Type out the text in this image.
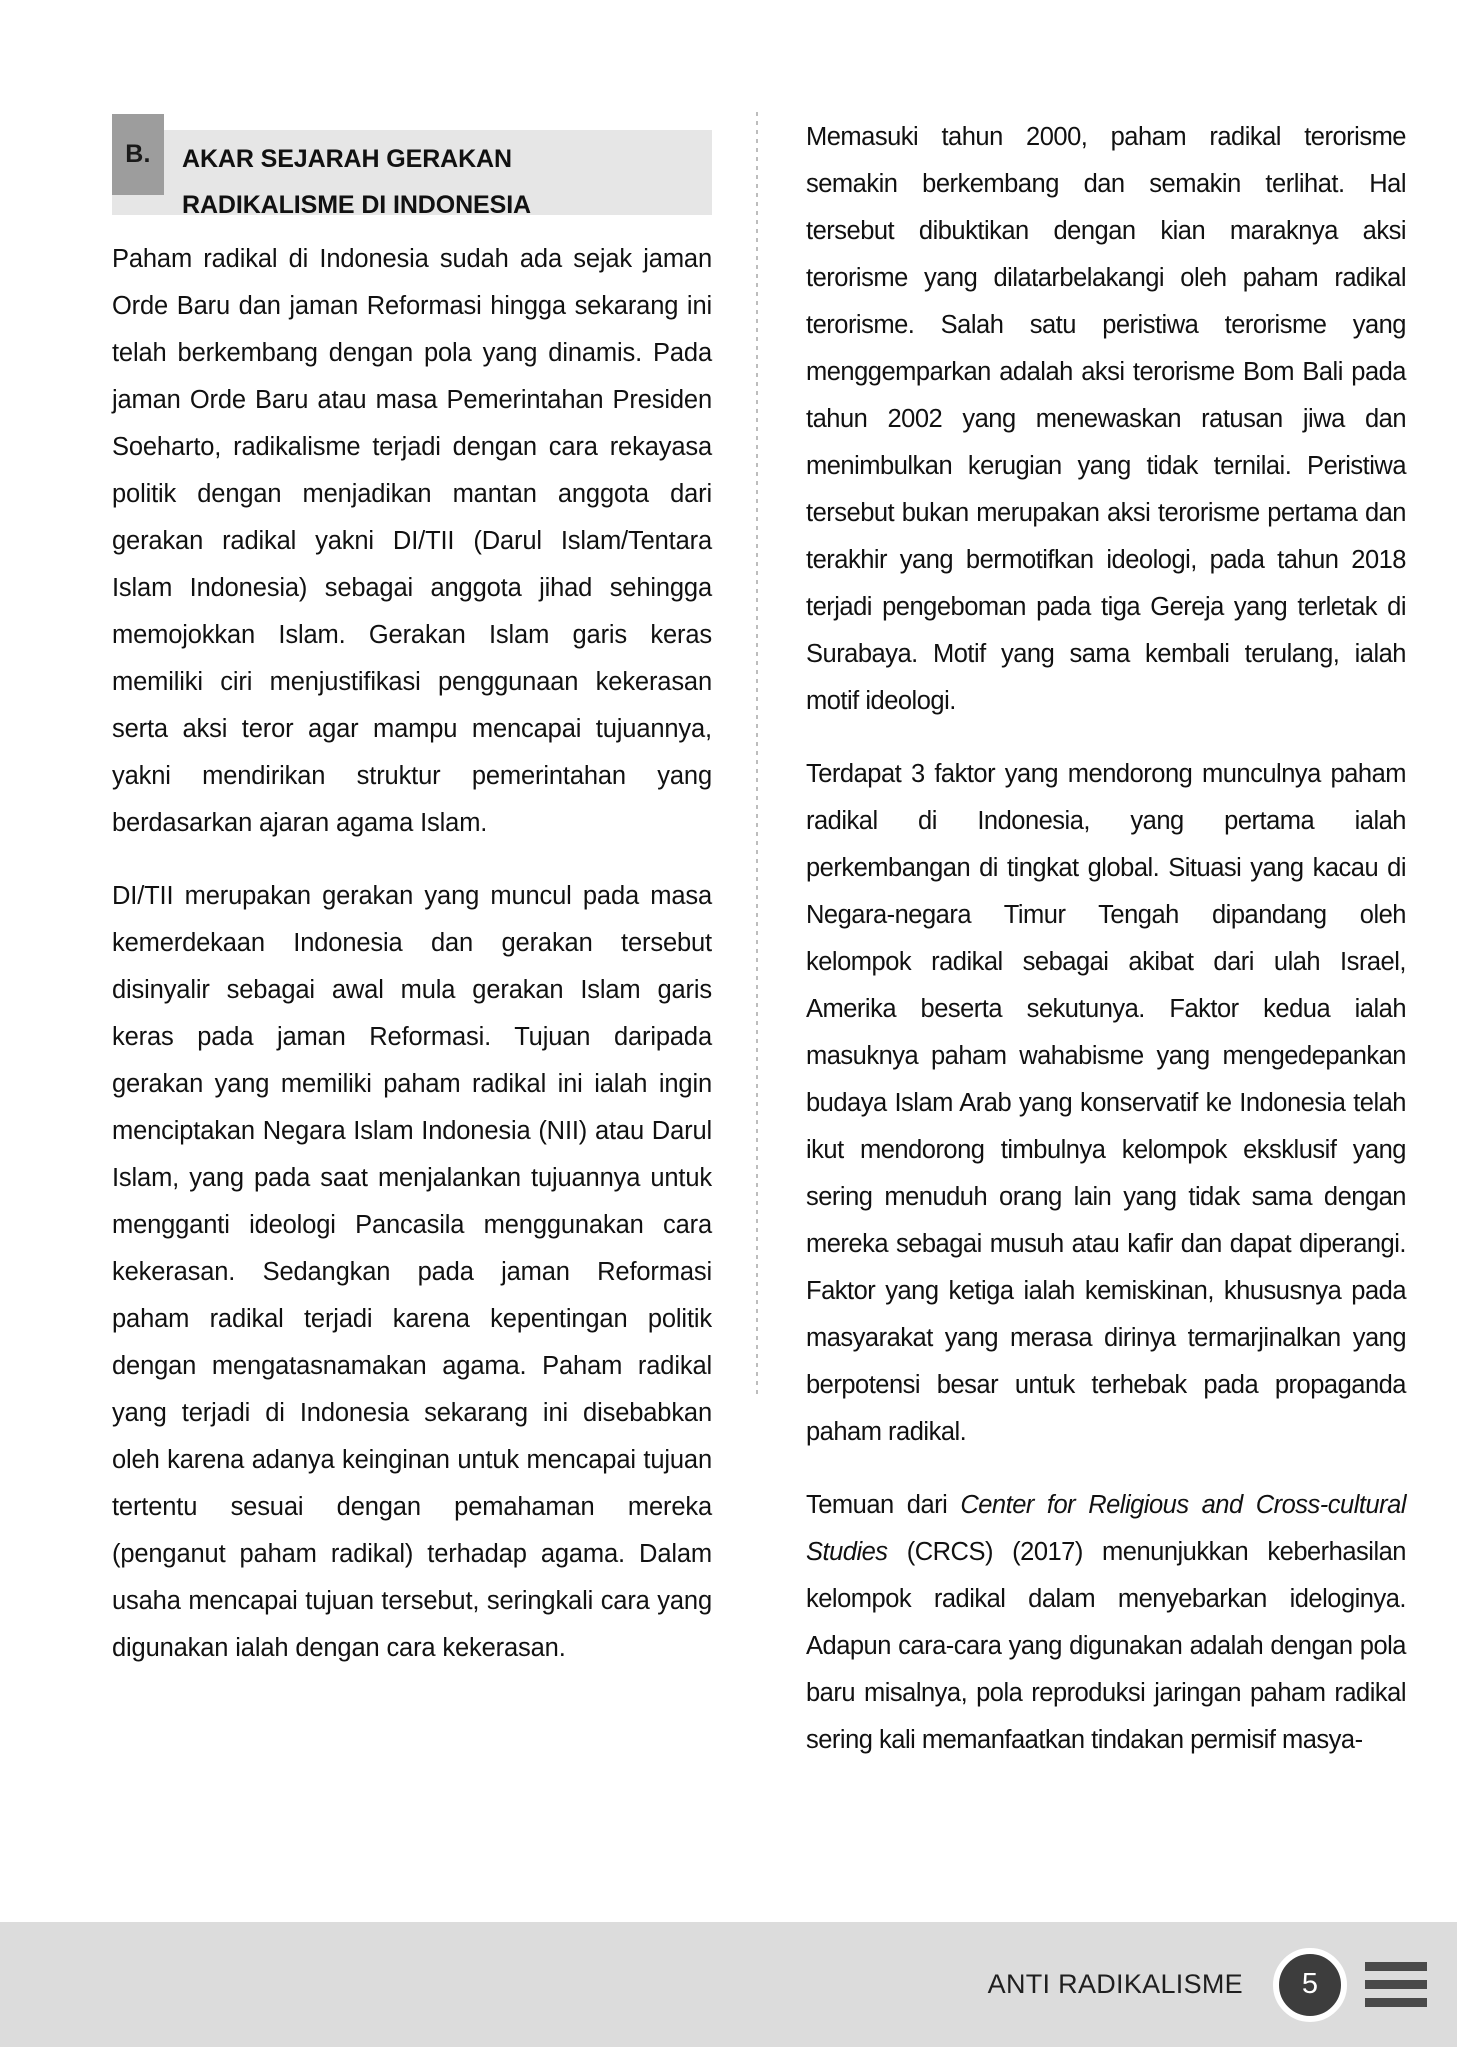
B. AKAR SEJARAH GERAKAN
RADIKALISME DI INDONESIA

Paham radikal di Indonesia sudah ada sejak jaman Orde Baru dan jaman Reformasi hingga sekarang ini telah berkembang dengan pola yang dinamis. Pada jaman Orde Baru atau masa Pemerintahan Presiden Soeharto, radikalisme terjadi dengan cara rekayasa politik dengan menjadikan mantan anggota dari gerakan radikal yakni DI/TII (Darul Islam/Tentara Islam Indonesia) sebagai anggota jihad sehingga memojokkan Islam. Gerakan Islam garis keras memiliki ciri menjustifikasi penggunaan kekerasan serta aksi teror agar mampu mencapai tujuannya, yakni mendirikan struktur pemerintahan yang berdasarkan ajaran agama Islam.

DI/TII merupakan gerakan yang muncul pada masa kemerdekaan Indonesia dan gerakan tersebut disinyalir sebagai awal mula gerakan Islam garis keras pada jaman Reformasi. Tujuan daripada gerakan yang memiliki paham radikal ini ialah ingin menciptakan Negara Islam Indonesia (NII) atau Darul Islam, yang pada saat menjalankan tujuannya untuk mengganti ideologi Pancasila menggunakan cara kekerasan. Sedangkan pada jaman Reformasi paham radikal terjadi karena kepentingan politik dengan mengatasnamakan agama. Paham radikal yang terjadi di Indonesia sekarang ini disebabkan oleh karena adanya keinginan untuk mencapai tujuan tertentu sesuai dengan pemahaman mereka (penganut paham radikal) terhadap agama. Dalam usaha mencapai tujuan tersebut, seringkali cara yang digunakan ialah dengan cara kekerasan.

Memasuki tahun 2000, paham radikal terorisme semakin berkembang dan semakin terlihat. Hal tersebut dibuktikan dengan kian maraknya aksi terorisme yang dilatarbelakangi oleh paham radikal terorisme. Salah satu peristiwa terorisme yang menggemparkan adalah aksi terorisme Bom Bali pada tahun 2002 yang menewaskan ratusan jiwa dan menimbulkan kerugian yang tidak ternilai. Peristiwa tersebut bukan merupakan aksi terorisme pertama dan terakhir yang bermotifkan ideologi, pada tahun 2018 terjadi pengeboman pada tiga Gereja yang terletak di Surabaya. Motif yang sama kembali terulang, ialah motif ideologi.

Terdapat 3 faktor yang mendorong munculnya paham radikal di Indonesia, yang pertama ialah perkembangan di tingkat global. Situasi yang kacau di Negara-negara Timur Tengah dipandang oleh kelompok radikal sebagai akibat dari ulah Israel, Amerika beserta sekutunya. Faktor kedua ialah masuknya paham wahabisme yang mengedepankan budaya Islam Arab yang konservatif ke Indonesia telah ikut mendorong timbulnya kelompok eksklusif yang sering menuduh orang lain yang tidak sama dengan mereka sebagai musuh atau kafir dan dapat diperangi. Faktor yang ketiga ialah kemiskinan, khususnya pada masyarakat yang merasa dirinya termarjinalkan yang berpotensi besar untuk terhebak pada propaganda paham radikal.

Temuan dari Center for Religious and Cross-cultural Studies (CRCS) (2017) menunjukkan keberhasilan kelompok radikal dalam menyebarkan ideloginya. Adapun cara-cara yang digunakan adalah dengan pola baru misalnya, pola reproduksi jaringan paham radikal sering kali memanfaatkan tindakan permisif masya-

ANTI RADIKALISME 5
